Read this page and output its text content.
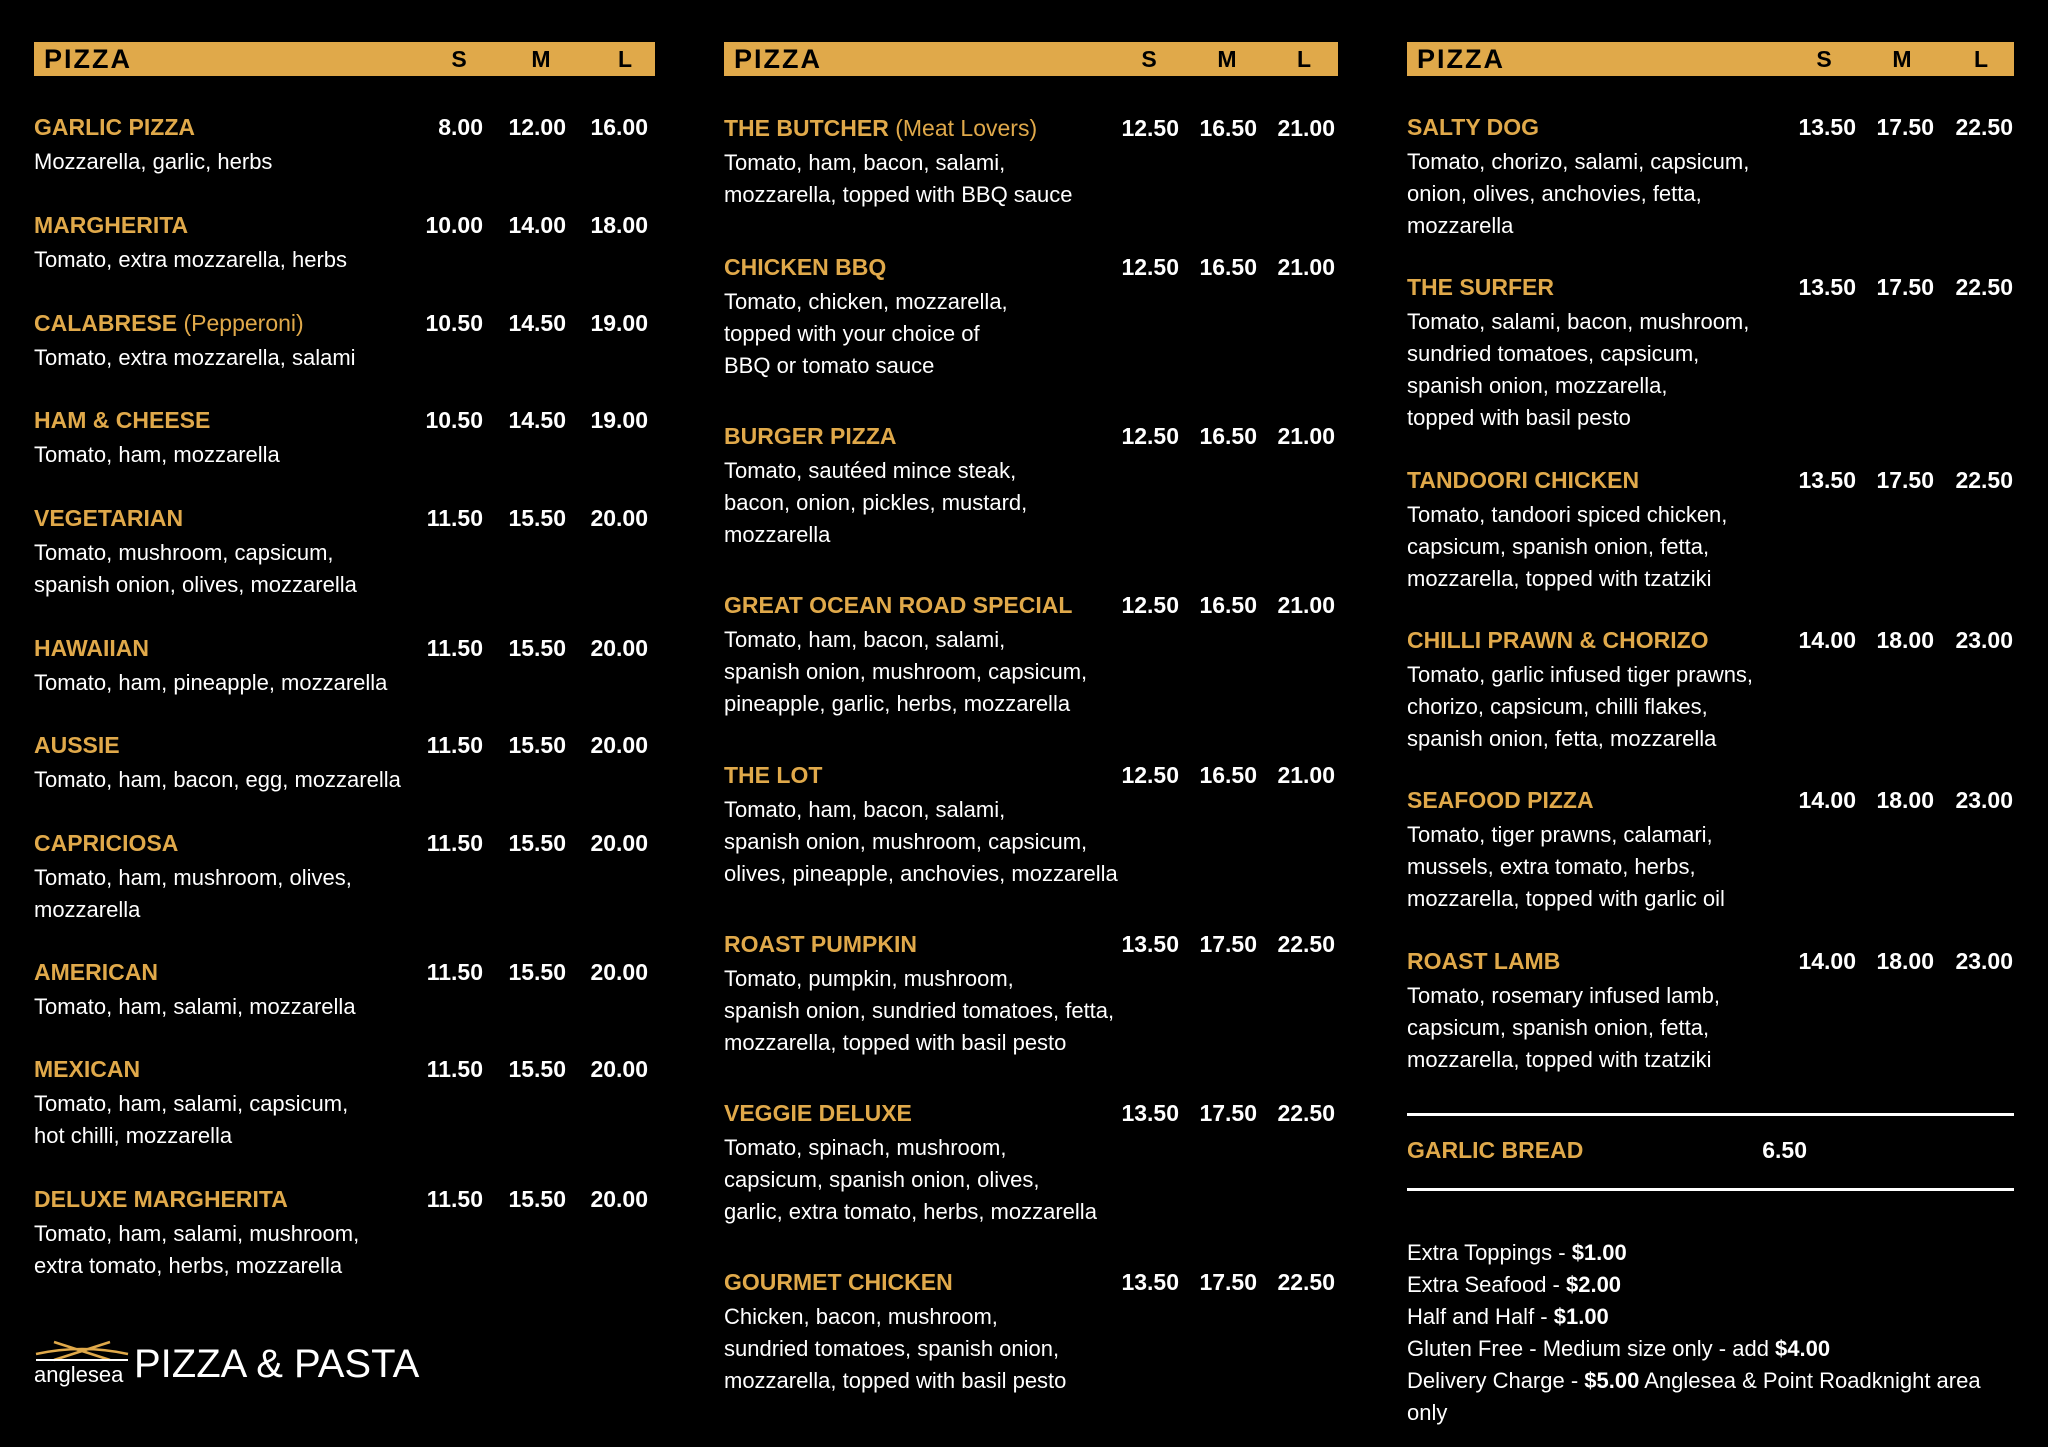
PIZZA	S	M	L
GARLIC PIZZA
Mozzarella, garlic, herbs
8.00	12.00	16.00
MARGHERITA
Tomato, extra mozzarella, herbs
10.00	14.00	18.00
CALABRESE (Pepperoni)
Tomato, extra mozzarella, salami
10.50	14.50	19.00
HAM & CHEESE
Tomato, ham, mozzarella
10.50	14.50	19.00
VEGETARIAN
Tomato, mushroom, capsicum,
spanish onion, olives, mozzarella
11.50	15.50	20.00
HAWAIIAN
Tomato, ham, pineapple, mozzarella
11.50	15.50	20.00
AUSSIE
Tomato, ham, bacon, egg, mozzarella
11.50	15.50	20.00
CAPRICIOSA
Tomato, ham, mushroom, olives,
mozzarella
11.50	15.50	20.00
AMERICAN
Tomato, ham, salami, mozzarella
11.50	15.50	20.00
MEXICAN
Tomato, ham, salami, capsicum,
hot chilli, mozzarella
11.50	15.50	20.00
DELUXE MARGHERITA
Tomato, ham, salami, mushroom,
extra tomato, herbs, mozzarella
11.50	15.50	20.00
PIZZA	S	M	L
THE BUTCHER (Meat Lovers)
Tomato, ham, bacon, salami,
mozzarella, topped with BBQ sauce
12.50 16.50 21.00
CHICKEN BBQ
Tomato, chicken, mozzarella,
topped with your choice of
BBQ or tomato sauce
12.50 16.50 21.00
BURGER PIZZA
Tomato, sautéed mince steak,
bacon, onion, pickles, mustard,
mozzarella
12.50 16.50 21.00
GREAT OCEAN ROAD SPECIAL
Tomato, ham, bacon, salami,
spanish onion, mushroom, capsicum,
pineapple, garlic, herbs, mozzarella
12.50 16.50 21.00
THE LOT
Tomato, ham, bacon, salami,
spanish onion, mushroom, capsicum,
olives, pineapple, anchovies, mozzarella
12.50 16.50 21.00
ROAST PUMPKIN
Tomato, pumpkin, mushroom,
spanish onion, sundried tomatoes, fetta,
mozzarella, topped with basil pesto
13.50 17.50 22.50
VEGGIE DELUXE
Tomato, spinach, mushroom,
capsicum, spanish onion, olives,
garlic, extra tomato, herbs, mozzarella
13.50 17.50 22.50
GOURMET CHICKEN
Chicken, bacon, mushroom,
sundried tomatoes, spanish onion,
mozzarella, topped with basil pesto
13.50 17.50 22.50
PIZZA	S	M	L
SALTY DOG
Tomato, chorizo, salami, capsicum,
onion, olives, anchovies, fetta,
mozzarella
13.50 17.50 22.50
THE SURFER
Tomato, salami, bacon, mushroom,
sundried tomatoes, capsicum,
spanish onion, mozzarella,
topped with basil pesto
13.50 17.50 22.50
TANDOORI CHICKEN
Tomato, tandoori spiced chicken,
capsicum, spanish onion, fetta,
mozzarella, topped with tzatziki
13.50 17.50 22.50
CHILLI PRAWN & CHORIZO
Tomato, garlic infused tiger prawns,
chorizo, capsicum, chilli flakes,
spanish onion, fetta, mozzarella
14.00 18.00 23.00
SEAFOOD PIZZA
Tomato, tiger prawns, calamari,
mussels, extra tomato, herbs,
mozzarella, topped with garlic oil
14.00 18.00 23.00
ROAST LAMB
Tomato, rosemary infused lamb,
capsicum, spanish onion, fetta,
mozzarella, topped with tzatziki
14.00 18.00 23.00
GARLIC BREAD	6.50
Extra Toppings - $1.00
Extra Seafood - $2.00
Half and Half - $1.00
Gluten Free - Medium size only - add $4.00
Delivery Charge - $5.00 Anglesea & Point Roadknight area only
anglesea PIZZA & PASTA
